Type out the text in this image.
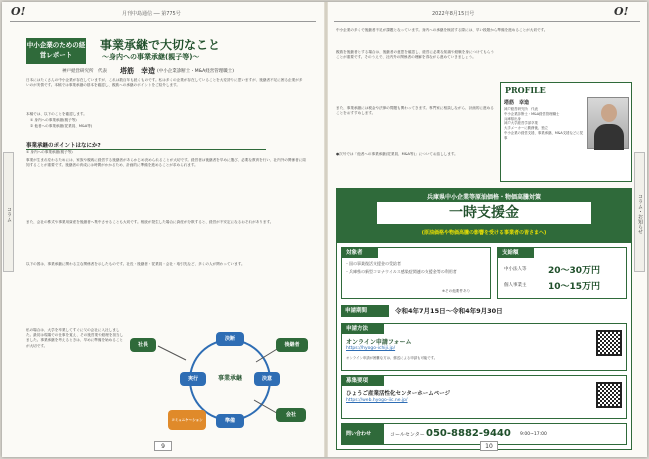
O!	月刊中島通信 ── 第775号
中小企業のための経営レポート
事業承継で大切なこと
～身内への事業承継(親子等)～
神戸経営研究所　代表 塔筋　幸造 (中小企業診断士・M&A経営管理職士)
日本にはたくさんの中小企業が存在していますが、これは数百年も続くものです。私は多くの企業が存在していることを大変誇りに思いますが、後継者不足に困る企業が多いのが実情です。本稿では事業承継の基本を確認し、親族への承継のポイントをご紹介します。
本稿では、以下のことを確認します。
① 身内への事業承継(親子等)
② 他者への事業承継(従業員、M&A等)
事業承継のポイントはなにか?
① 身内への事業承継(親子等)
事業が生まれ変わるためには、家族や親戚に経営する後継者があらかじめ決められることが大切です。経営者は後継者を早めに選び、必要な教育を行い、社内外の関係者に周知することが重要です。後継者の育成には時間がかかるため、計画的に準備を進めることが求められます。
また、会社の株式や事業用資産を後継者へ集中させることも大切です。相続が発生した場合に資産が分散すると、経営が不安定になるおそれがあります。
以下の図は、事業承継に関わる主な関係者を示したものです。社長・後継者・従業員・会社・取引先など、多くの人が関わっています。
私の場合は、大学を卒業してすぐに父の会社に入社しました。最初は現場での仕事を覚え、その後営業や経理を担当しました。事業承継を考えるときは、早めに準備を始めることが大切です。
事業承継
社長
決断
後継者
実行	決意
準備
会社
コミュニケーション
コラム
9
2022年8月15日号	O!
中小企業の多くで後継者不足が課題となっています。身内への承継を検討する際には、早い段階から準備を進めることが大切です。
親族を後継者とする場合は、後継者の意思を確認し、経営に必要な知識や経験を身につけてもらうことが重要です。そのうえで、社内外の関係者の理解を得ながら進めていきましょう。
また、事業承継には税金や法律の問題も関わってきます。専門家に相談しながら、計画的に進めることをおすすめします。
●次号では「他者への事業承継(従業員、M&A等)」についてお話しします。
PROFILE
塔筋　幸造
神戸経営研究所　代表
中小企業診断士・M&A経営管理職士
兵庫県出身
神戸大学経営学部卒業
大手メーカーに勤務後、独立
中小企業の経営支援、事業承継、M&A支援などに従事
兵庫県中小企業等原油価格・物価高騰対策
一時支援金
(原油価格や物価高騰の影響を受ける事業者の皆さまへ)
対象者
・国の事業復活支援金の受給者
・兵庫県の新型コロナウイルス感染症関連の支援金等の利用者
※その他要件あり
支給額
中小法人等 20～30万円
個人事業主 10～15万円
申請期間	令和4年7月15日～令和4年9月30日
申請方法
オンライン申請フォーム
https://hyogo-ichiji.jp/
オンライン申請が困難な方は、郵送による申請も可能です。
募集要項
ひょうご産業活性化センターホームページ
https://web.hyogo-iic.ne.jp/
問い合わせ	コールセンター 050-8882-9440 9:00~17:00
コラム・お知らせ
10
